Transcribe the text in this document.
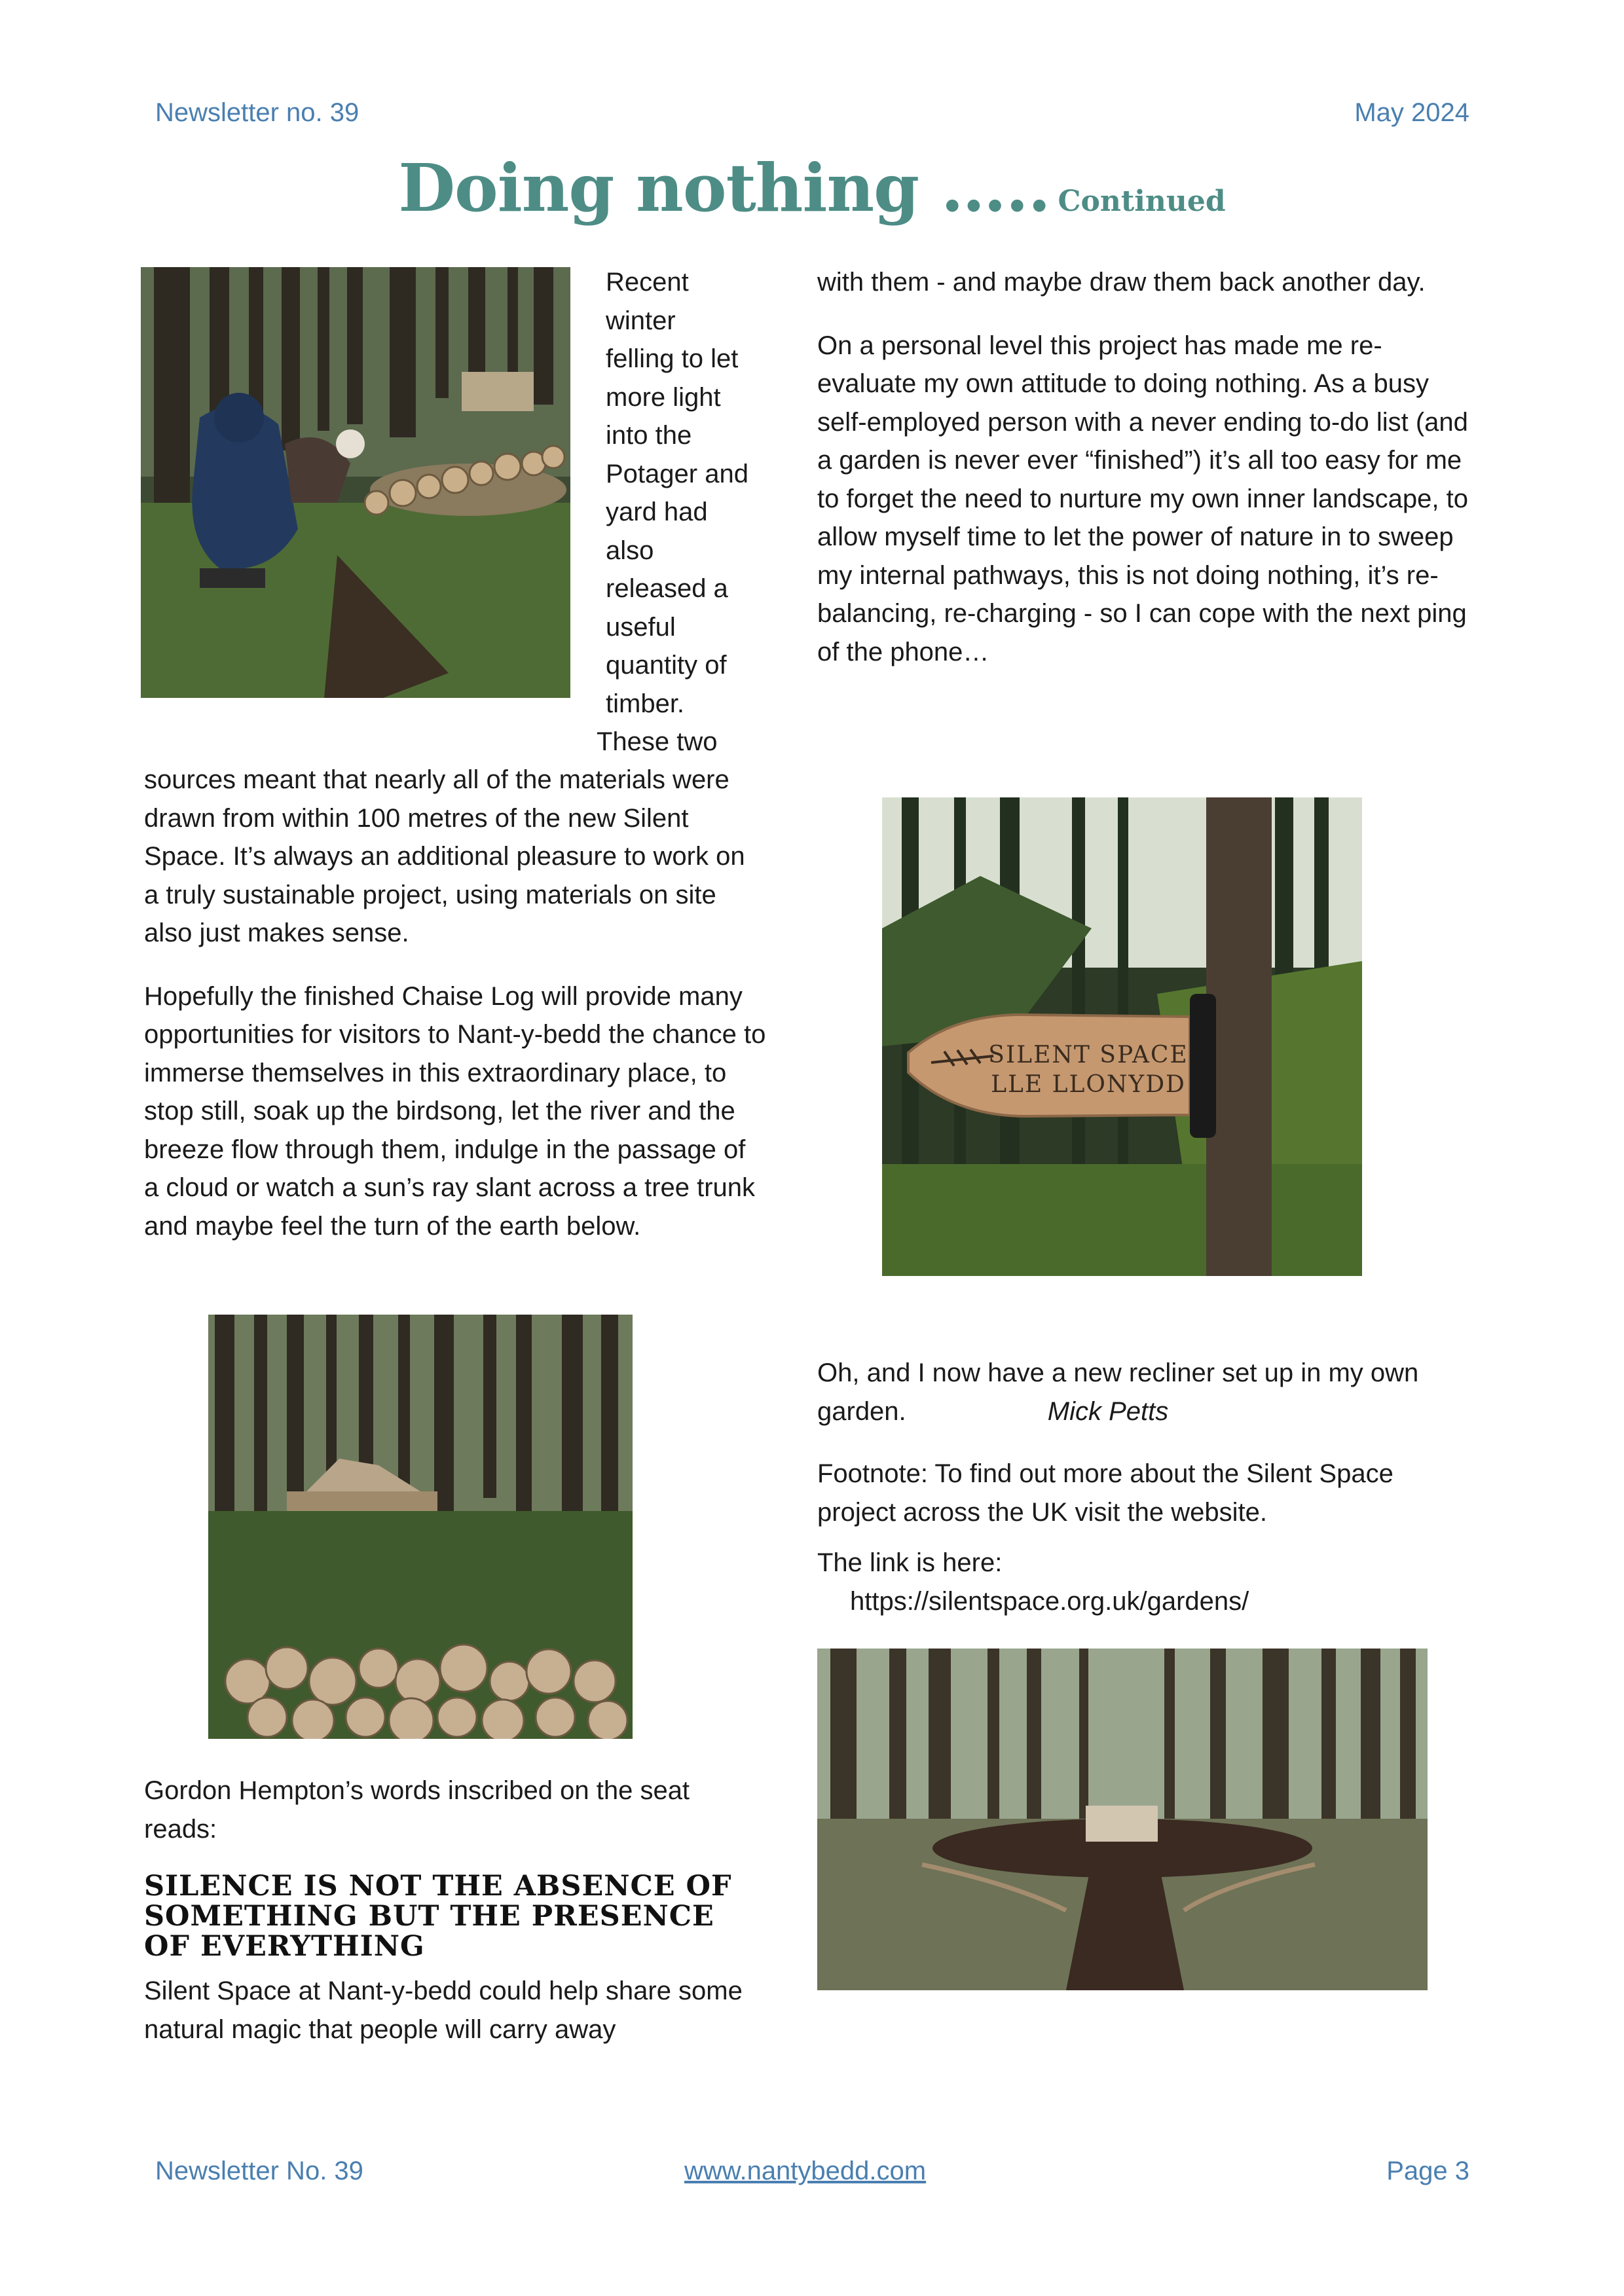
Newsletter no. 39	May 2024
Doing nothing ….. Continued

Recent

winter

felling to let

more light

into the

Potager and

yard had

also

released a

useful

quantity of

timber.

These two

sources meant that nearly all of the materials were drawn from within 100 metres of the new Silent Space. It’s always an additional pleasure to work on a truly sustainable project, using materials on site also just makes sense.

Hopefully the finished Chaise Log will provide many opportunities for visitors to Nant-y-bedd the chance to immerse themselves in this extraordinary place, to stop still, soak up the birdsong, let the river and the breeze flow through them, indulge in the passage of a cloud or watch a sun’s ray slant across a tree trunk and maybe feel the turn of the earth below.

Gordon Hempton’s words inscribed on the seat reads:
SILENCE IS NOT THE ABSENCE OF SOMETHING BUT THE PRESENCE OF EVERYTHING
Silent Space at Nant-y-bedd could help share some natural magic that people will carry away

with them - and maybe draw them back another day.

On a personal level this project has made me re-evaluate my own attitude to doing nothing. As a busy self-employed person with a never ending to-do list (and a garden is never ever “finished”) it’s all too easy for me to forget the need to nurture my own inner landscape, to allow myself time to let the power of nature in to sweep my internal pathways, this is not doing nothing, it’s re-balancing, re-charging - so I can cope with the next ping of the phone…

SILENT SPACE
LLE LLONYDD
Oh, and I now have a new recliner set up in my own garden.	Mick Petts
Footnote: To find out more about the Silent Space project across the UK visit the website.
The link is here: https://silentspace.org.uk/gardens/
Newsletter No. 39	www.nantybedd.com	Page 3
